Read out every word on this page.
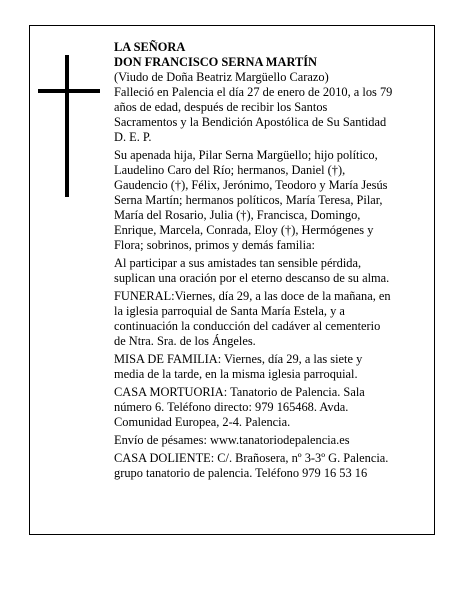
LA SEÑORA

DON FRANCISCO SERNA MARTÍN

(Viudo de Doña Beatriz Margüello Carazo)

Falleció en Palencia el día 27 de enero de 2010, a los 79
años de edad, después de recibir los Santos
Sacramentos y la Bendición Apostólica de Su Santidad
D. E. P.

Su apenada hija, Pilar Serna Margüello; hijo político,
Laudelino Caro del Río; hermanos, Daniel (†),
Gaudencio (†), Félix, Jerónimo, Teodoro y María Jesús
Serna Martín; hermanos políticos, María Teresa, Pilar,
María del Rosario, Julia (†), Francisca, Domingo,
Enrique, Marcela, Conrada, Eloy (†), Hermógenes y
Flora; sobrinos, primos y demás familia:

Al participar a sus amistades tan sensible pérdida,
suplican una oración por el eterno descanso de su alma.

FUNERAL:Viernes, día 29, a las doce de la mañana, en
la iglesia parroquial de Santa María Estela, y a
continuación la conducción del cadáver al cementerio
de Ntra. Sra. de los Ángeles.

MISA DE FAMILIA: Viernes, día 29, a las siete y
media de la tarde, en la misma iglesia parroquial.

CASA MORTUORIA: Tanatorio de Palencia. Sala
número 6. Teléfono directo: 979 165468. Avda.
Comunidad Europea, 2-4. Palencia.

Envío de pésames: www.tanatoriodepalencia.es

CASA DOLIENTE: C/. Brañosera, nº 3-3º G. Palencia.

grupo tanatorio de palencia. Teléfono 979 16 53 16
